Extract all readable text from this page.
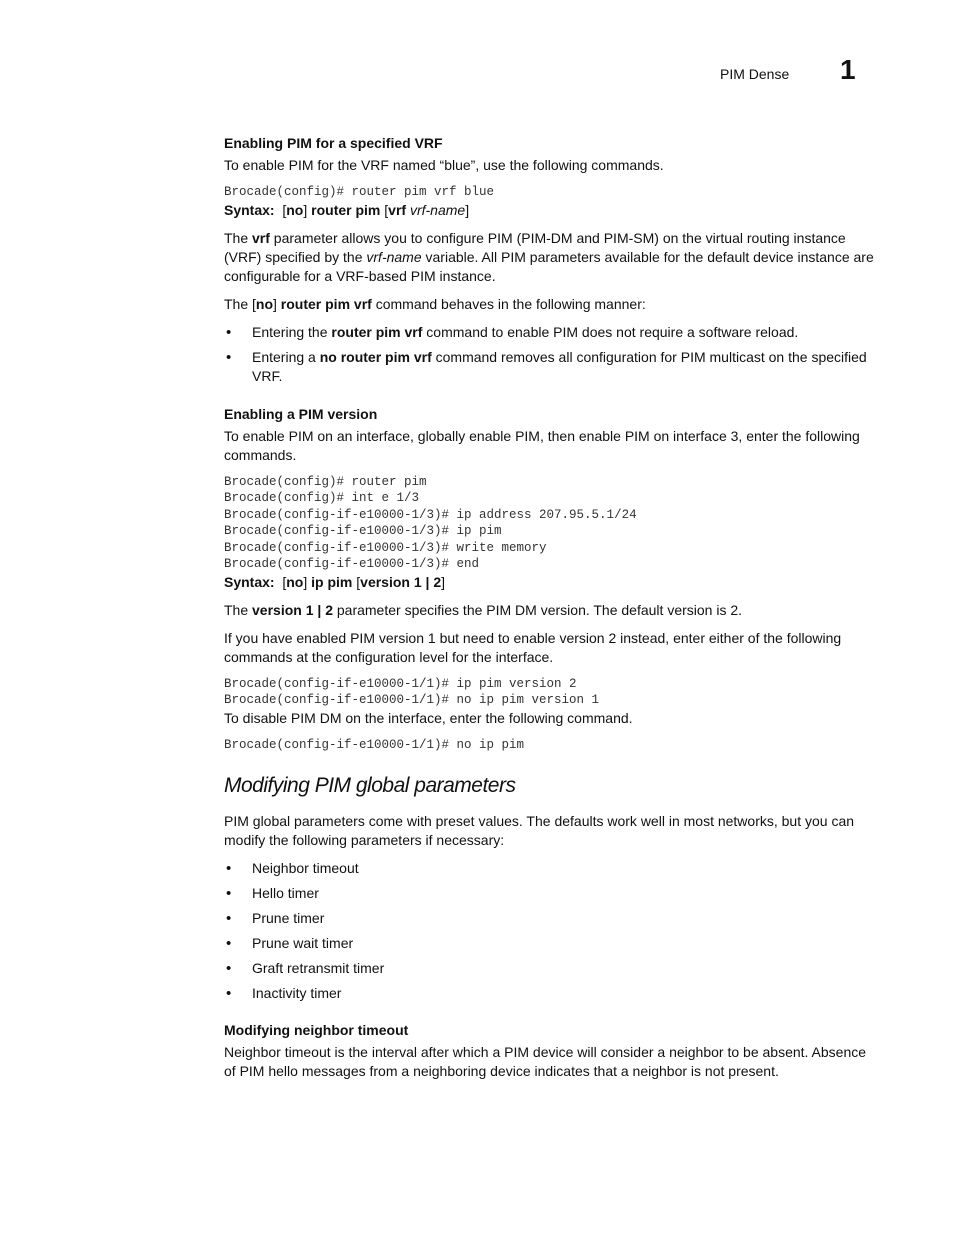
PIM Dense 1
Enabling PIM for a specified VRF

To enable PIM for the VRF named “blue”, use the following commands.

Brocade(config)# router pim vrf blue
Syntax: [no] router pim [vrf vrf-name]

The vrf parameter allows you to configure PIM (PIM-DM and PIM-SM) on the virtual routing instance (VRF) specified by the vrf-name variable. All PIM parameters available for the default device instance are configurable for a VRF-based PIM instance.

The [no] router pim vrf command behaves in the following manner:

• Entering the router pim vrf command to enable PIM does not require a software reload.
• Entering a no router pim vrf command removes all configuration for PIM multicast on the specified VRF.
Enabling a PIM version

To enable PIM on an interface, globally enable PIM, then enable PIM on interface 3, enter the following commands.

Brocade(config)# router pim
Brocade(config)# int e 1/3
Brocade(config-if-e10000-1/3)# ip address 207.95.5.1/24
Brocade(config-if-e10000-1/3)# ip pim
Brocade(config-if-e10000-1/3)# write memory
Brocade(config-if-e10000-1/3)# end
Syntax: [no] ip pim [version 1 | 2]

The version 1 | 2 parameter specifies the PIM DM version. The default version is 2.

If you have enabled PIM version 1 but need to enable version 2 instead, enter either of the following commands at the configuration level for the interface.

Brocade(config-if-e10000-1/1)# ip pim version 2
Brocade(config-if-e10000-1/1)# no ip pim version 1

To disable PIM DM on the interface, enter the following command.

Brocade(config-if-e10000-1/1)# no ip pim
Modifying PIM global parameters

PIM global parameters come with preset values. The defaults work well in most networks, but you can modify the following parameters if necessary:

• Neighbor timeout
• Hello timer
• Prune timer
• Prune wait timer
• Graft retransmit timer
• Inactivity timer
Modifying neighbor timeout

Neighbor timeout is the interval after which a PIM device will consider a neighbor to be absent. Absence of PIM hello messages from a neighboring device indicates that a neighbor is not present.
